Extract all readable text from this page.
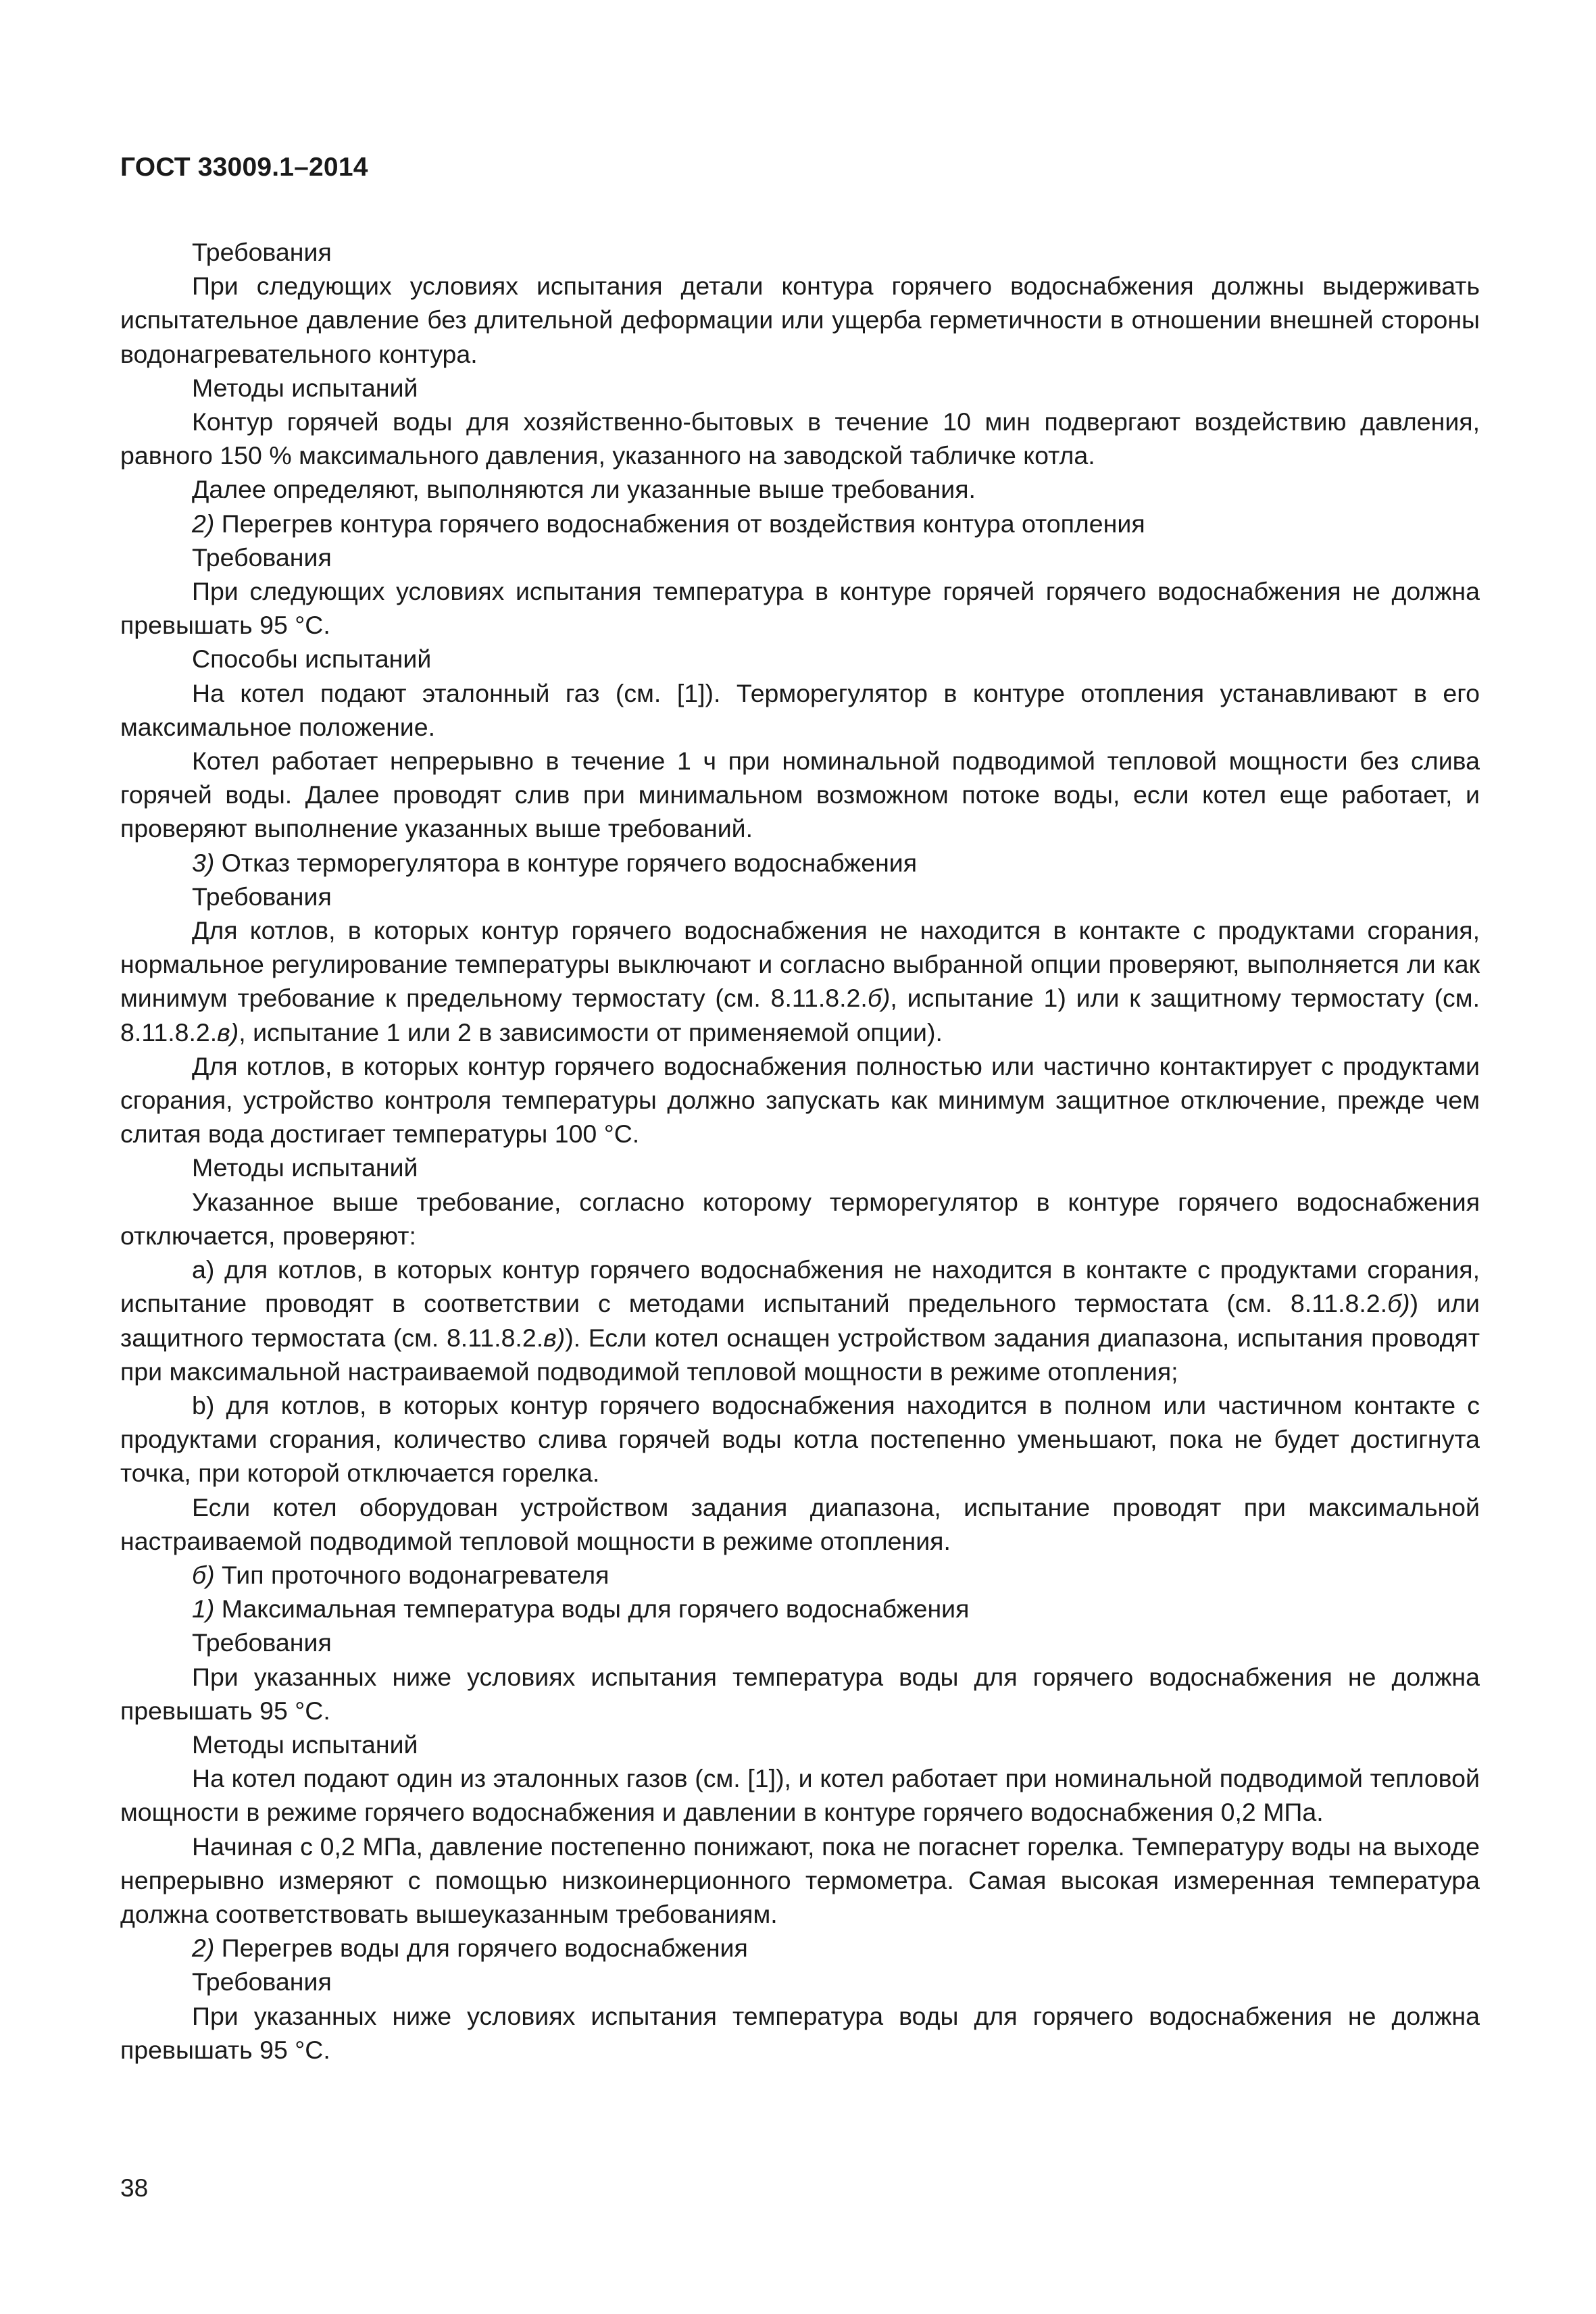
ГОСТ 33009.1–2014

Требования

При следующих условиях испытания детали контура горячего водоснабжения должны выдерживать испытательное давление без длительной деформации или ущерба герметичности в отношении внешней стороны водонагревательного контура.

Методы испытаний

Контур горячей воды для хозяйственно-бытовых в течение 10 мин подвергают воздействию давления, равного 150 % максимального давления, указанного на заводской табличке котла.

Далее определяют, выполняются ли указанные выше требования.

2) Перегрев контура горячего водоснабжения от воздействия контура отопления

Требования

При следующих условиях испытания температура в контуре горячей горячего водоснабжения не должна превышать 95 °С.

Способы испытаний

На котел подают эталонный газ (см. [1]). Терморегулятор в контуре отопления устанавливают в его максимальное положение.

Котел работает непрерывно в течение 1 ч при номинальной подводимой тепловой мощности без слива горячей воды. Далее проводят слив при минимальном возможном потоке воды, если котел еще работает, и проверяют выполнение указанных выше требований.

3) Отказ терморегулятора в контуре горячего водоснабжения

Требования

Для котлов, в которых контур горячего водоснабжения не находится в контакте с продуктами сгорания, нормальное регулирование температуры выключают и согласно выбранной опции проверяют, выполняется ли как минимум требование к предельному термостату (см. 8.11.8.2.б), испытание 1) или к защитному термостату (см. 8.11.8.2.в), испытание 1 или 2 в зависимости от применяемой опции).

Для котлов, в которых контур горячего водоснабжения полностью или частично контактирует с продуктами сгорания, устройство контроля температуры должно запускать как минимум защитное отключение, прежде чем слитая вода достигает температуры 100 °С.

Методы испытаний

Указанное выше требование, согласно которому терморегулятор в контуре горячего водоснабжения отключается, проверяют:

а) для котлов, в которых контур горячего водоснабжения не находится в контакте с продуктами сгорания, испытание проводят в соответствии с методами испытаний предельного термостата (см. 8.11.8.2.б)) или защитного термостата (см. 8.11.8.2.в)). Если котел оснащен устройством задания диапазона, испытания проводят при максимальной настраиваемой подводимой тепловой мощности в режиме отопления;

b) для котлов, в которых контур горячего водоснабжения находится в полном или частичном контакте с продуктами сгорания, количество слива горячей воды котла постепенно уменьшают, пока не будет достигнута точка, при которой отключается горелка.

Если котел оборудован устройством задания диапазона, испытание проводят при максимальной настраиваемой подводимой тепловой мощности в режиме отопления.

б) Тип проточного водонагревателя

1) Максимальная температура воды для горячего водоснабжения

Требования

При указанных ниже условиях испытания температура воды для горячего водоснабжения не должна превышать 95 °С.

Методы испытаний

На котел подают один из эталонных газов (см. [1]), и котел работает при номинальной подводимой тепловой мощности в режиме горячего водоснабжения и давлении в контуре горячего водоснабжения 0,2 МПа.

Начиная с 0,2 МПа, давление постепенно понижают, пока не погаснет горелка. Температуру воды на выходе непрерывно измеряют с помощью низкоинерционного термометра. Самая высокая измеренная температура должна соответствовать вышеуказанным требованиям.

2) Перегрев воды для горячего водоснабжения

Требования

При указанных ниже условиях испытания температура воды для горячего водоснабжения не должна превышать 95 °С.

38
